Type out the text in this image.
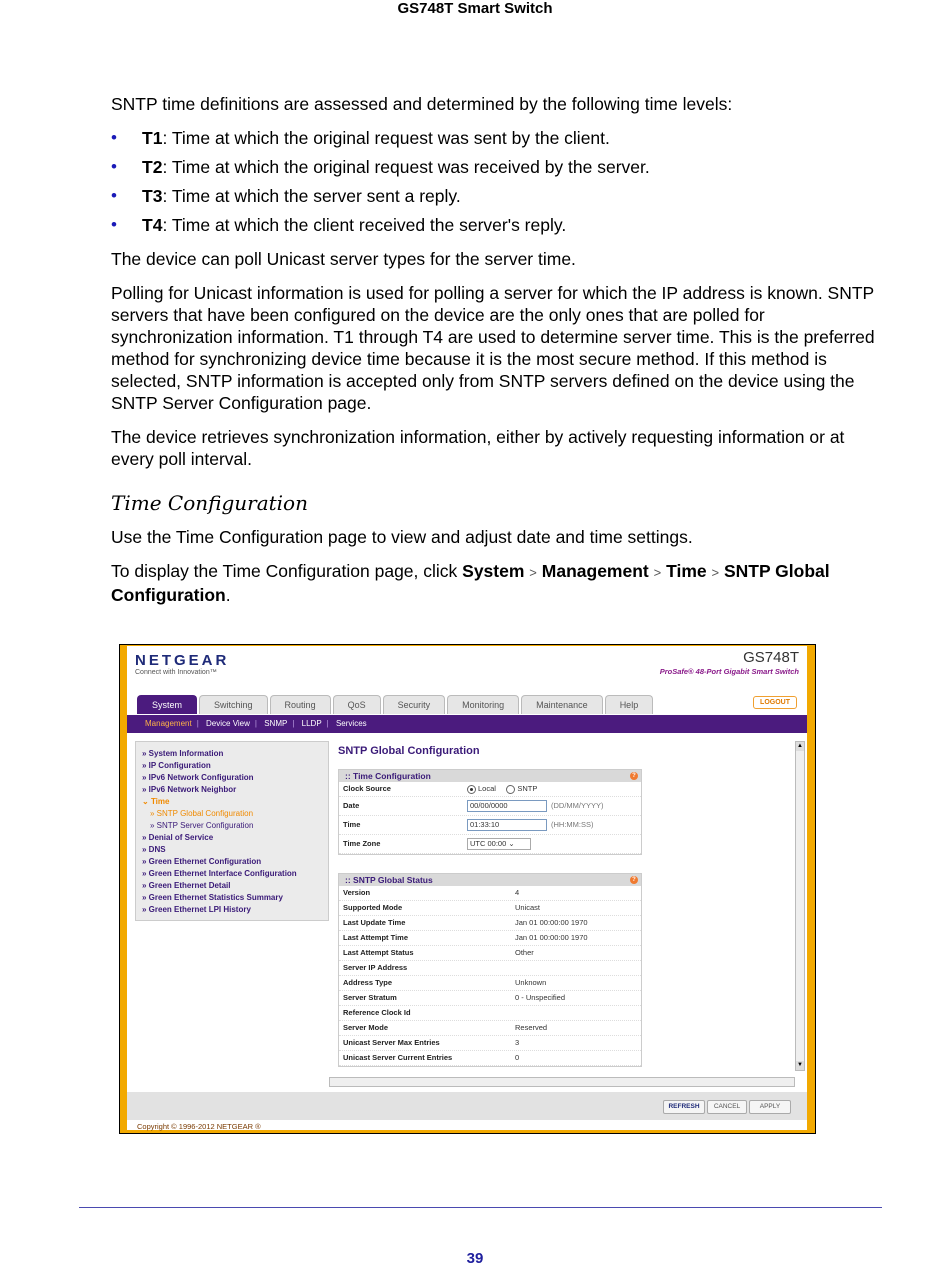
GS748T Smart Switch

SNTP time definitions are assessed and determined by the following time levels:

• T1: Time at which the original request was sent by the client.
• T2: Time at which the original request was received by the server.
• T3: Time at which the server sent a reply.
• T4: Time at which the client received the server's reply.

The device can poll Unicast server types for the server time.

Polling for Unicast information is used for polling a server for which the IP address is known. SNTP servers that have been configured on the device are the only ones that are polled for synchronization information. T1 through T4 are used to determine server time. This is the preferred method for synchronizing device time because it is the most secure method. If this method is selected, SNTP information is accepted only from SNTP servers defined on the device using the SNTP Server Configuration page.

The device retrieves synchronization information, either by actively requesting information or at every poll interval.

Time Configuration

Use the Time Configuration page to view and adjust date and time settings.

To display the Time Configuration page, click System > Management > Time > SNTP Global Configuration.

NETGEAR
Connect with Innovation™
GS748T
ProSafe® 48-Port Gigabit Smart Switch
System	Switching	Routing	QoS	Security	Monitoring	Maintenance	Help	LOGOUT
Management | Device View | SNMP | LLDP | Services
» System Information
» IP Configuration
» IPv6 Network Configuration
» IPv6 Network Neighbor
⌄ Time
» SNTP Global Configuration
» SNTP Server Configuration
» Denial of Service
» DNS
» Green Ethernet Configuration
» Green Ethernet Interface Configuration
» Green Ethernet Detail
» Green Ethernet Statistics Summary
» Green Ethernet LPI History
SNTP Global Configuration
:: Time Configuration	?
Clock Source	Local	SNTP
Date	00/00/0000	(DD/MM/YYYY)
Time	01:33:10	(HH:MM:SS)
Time Zone	UTC 00:00 ⌄
:: SNTP Global Status	?
Version	4
Supported Mode	Unicast
Last Update Time	Jan 01 00:00:00 1970
Last Attempt Time	Jan 01 00:00:00 1970
Last Attempt Status	Other
Server IP Address
Address Type	Unknown
Server Stratum	0 - Unspecified
Reference Clock Id
Server Mode	Reserved
Unicast Server Max Entries	3
Unicast Server Current Entries	0
▲
▼
REFRESH	CANCEL	APPLY
Copyright © 1996-2012 NETGEAR ®
39
